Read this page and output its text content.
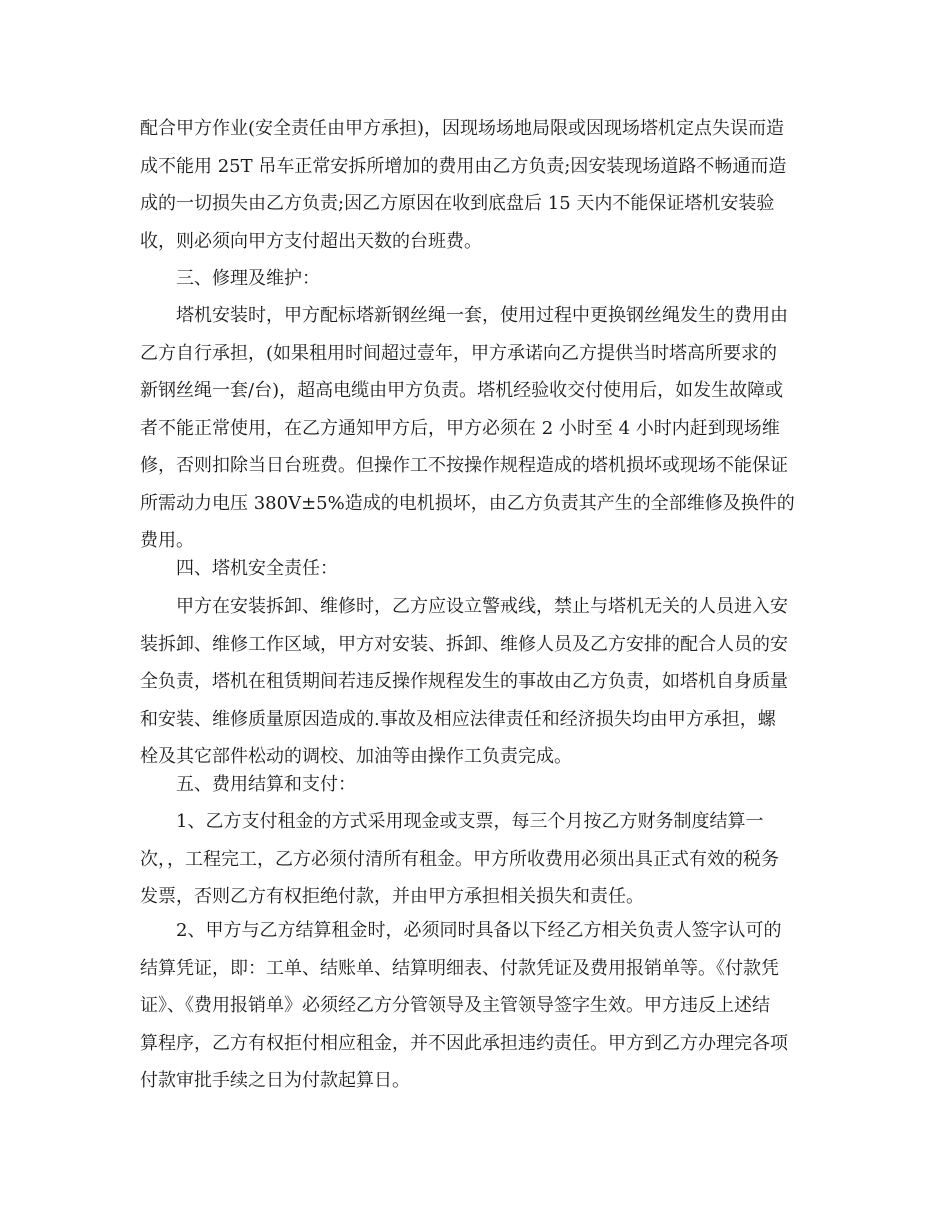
配合甲方作业(安全责任由甲方承担)，因现场场地局限或因现场塔机定点失误而造
成不能用 25T 吊车正常安拆所增加的费用由乙方负责;因安装现场道路不畅通而造
成的一切损失由乙方负责;因乙方原因在收到底盘后 15 天内不能保证塔机安装验
收，则必须向甲方支付超出天数的台班费。
三、修理及维护：
塔机安装时，甲方配标塔新钢丝绳一套，使用过程中更换钢丝绳发生的费用由
乙方自行承担，(如果租用时间超过壹年，甲方承诺向乙方提供当时塔高所要求的
新钢丝绳一套/台)，超高电缆由甲方负责。塔机经验收交付使用后，如发生故障或
者不能正常使用，在乙方通知甲方后，甲方必须在 2 小时至 4 小时内赶到现场维
修，否则扣除当日台班费。但操作工不按操作规程造成的塔机损坏或现场不能保证
所需动力电压 380V±5%造成的电机损坏，由乙方负责其产生的全部维修及换件的
费用。
四、塔机安全责任：
甲方在安装拆卸、维修时，乙方应设立警戒线，禁止与塔机无关的人员进入安
装拆卸、维修工作区域，甲方对安装、拆卸、维修人员及乙方安排的配合人员的安
全负责，塔机在租赁期间若违反操作规程发生的事故由乙方负责，如塔机自身质量
和安装、维修质量原因造成的.事故及相应法律责任和经济损失均由甲方承担，螺
栓及其它部件松动的调校、加油等由操作工负责完成。
五、费用结算和支付：
1、乙方支付租金的方式采用现金或支票，每三个月按乙方财务制度结算一
次，，工程完工，乙方必须付清所有租金。甲方所收费用必须出具正式有效的税务
发票，否则乙方有权拒绝付款，并由甲方承担相关损失和责任。
2、甲方与乙方结算租金时，必须同时具备以下经乙方相关负责人签字认可的
结算凭证，即：工单、结账单、结算明细表、付款凭证及费用报销单等。《付款凭
证》、《费用报销单》必须经乙方分管领导及主管领导签字生效。甲方违反上述结
算程序，乙方有权拒付相应租金，并不因此承担违约责任。甲方到乙方办理完各项
付款审批手续之日为付款起算日。
